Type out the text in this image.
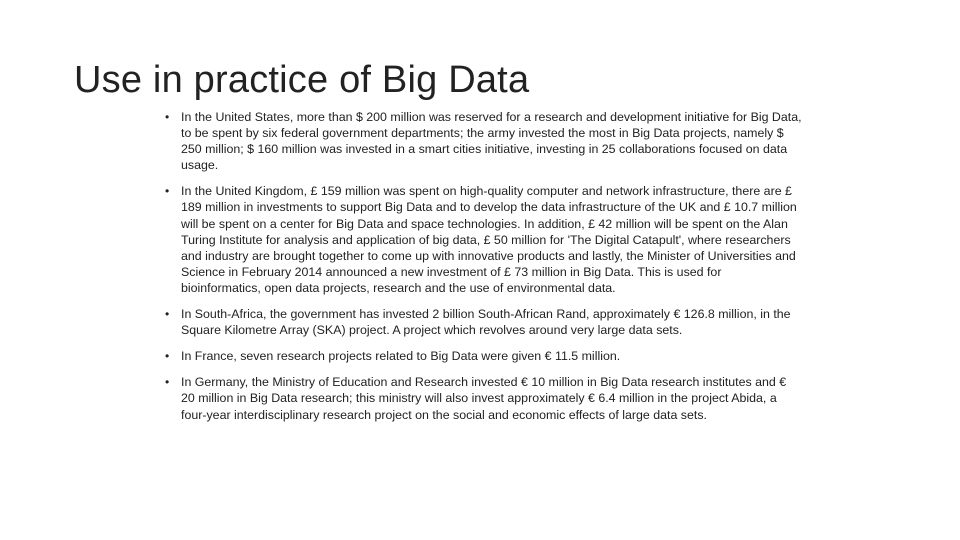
Use in practice of Big Data
• In the United States, more than $ 200 million was reserved for a research and development initiative for Big Data, to be spent by six federal government departments; the army invested the most in Big Data projects, namely $ 250 million; $ 160 million was invested in a smart cities initiative, investing in 25 collaborations focused on data usage.
• In the United Kingdom, £ 159 million was spent on high-quality computer and network infrastructure, there are £ 189 million in investments to support Big Data and to develop the data infrastructure of the UK and £ 10.7 million will be spent on a center for Big Data and space technologies. In addition, £ 42 million will be spent on the Alan Turing Institute for analysis and application of big data, £ 50 million for 'The Digital Catapult', where researchers and industry are brought together to come up with innovative products and lastly, the Minister of Universities and Science in February 2014 announced a new investment of £ 73 million in Big Data. This is used for bioinformatics, open data projects, research and the use of environmental data.
• In South-Africa, the government has invested 2 billion South-African Rand, approximately € 126.8 million, in the Square Kilometre Array (SKA) project. A project which revolves around very large data sets.
• In France, seven research projects related to Big Data were given € 11.5 million.
• In Germany, the Ministry of Education and Research invested € 10 million in Big Data research institutes and € 20 million in Big Data research; this ministry will also invest approximately € 6.4 million in the project Abida, a four-year interdisciplinary research project on the social and economic effects of large data sets.
